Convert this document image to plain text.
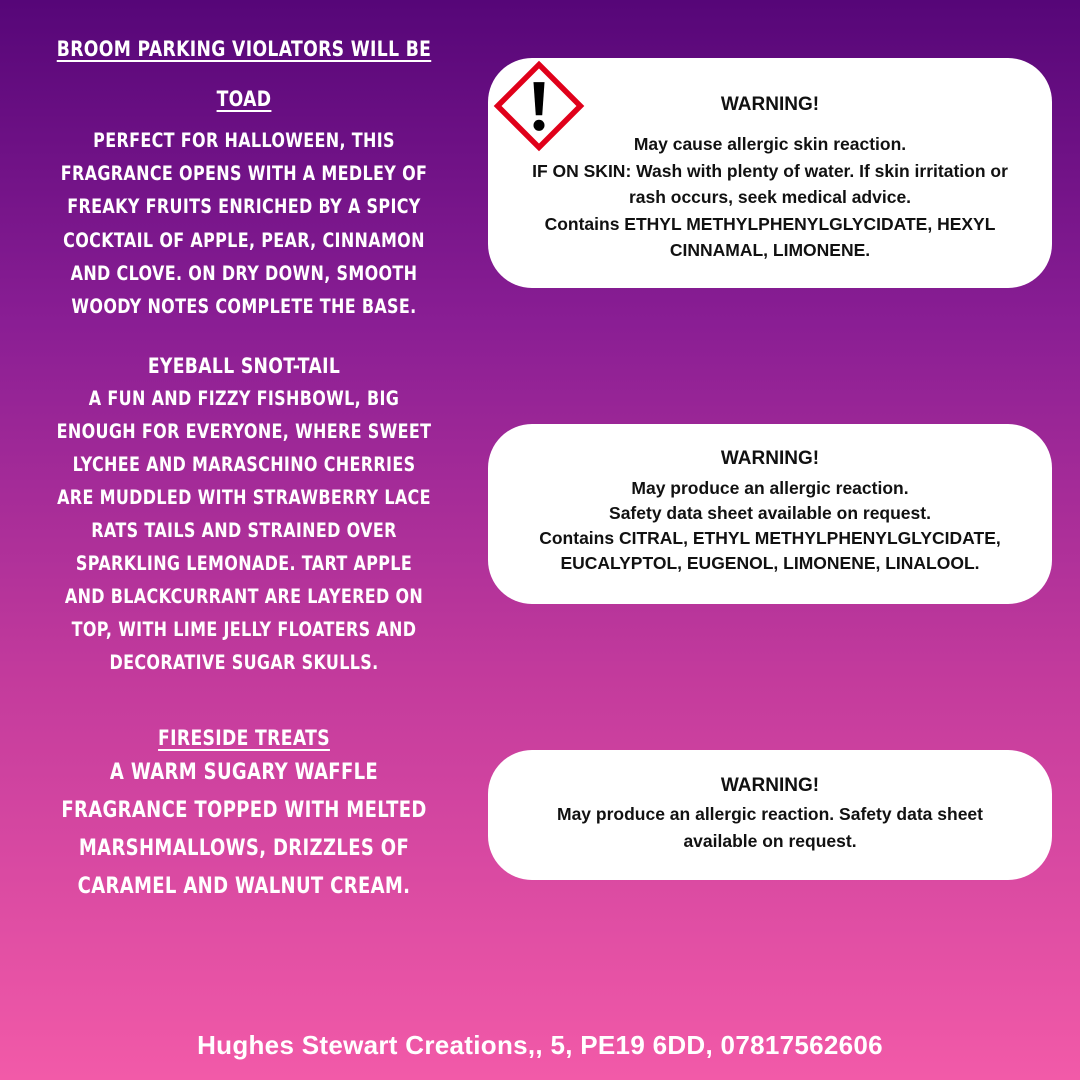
BROOM PARKING VIOLATORS WILL BE TOAD

PERFECT FOR HALLOWEEN, THIS FRAGRANCE OPENS WITH A MEDLEY OF FREAKY FRUITS ENRICHED BY A SPICY COCKTAIL OF APPLE, PEAR, CINNAMON AND CLOVE. ON DRY DOWN, SMOOTH WOODY NOTES COMPLETE THE BASE.

EYEBALL SNOT-TAIL

A FUN AND FIZZY FISHBOWL, BIG ENOUGH FOR EVERYONE, WHERE SWEET LYCHEE AND MARASCHINO CHERRIES ARE MUDDLED WITH STRAWBERRY LACE RATS TAILS AND STRAINED OVER SPARKLING LEMONADE. TART APPLE AND BLACKCURRANT ARE LAYERED ON TOP, WITH LIME JELLY FLOATERS AND DECORATIVE SUGAR SKULLS.

FIRESIDE TREATS

A WARM SUGARY WAFFLE FRAGRANCE TOPPED WITH MELTED MARSHMALLOWS, DRIZZLES OF CARAMEL AND WALNUT CREAM.

WARNING!
May cause allergic skin reaction.
IF ON SKIN: Wash with plenty of water. If skin irritation or rash occurs, seek medical advice.
Contains ETHYL METHYLPHENYLGLYCIDATE, HEXYL CINNAMAL, LIMONENE.
WARNING!
May produce an allergic reaction.
Safety data sheet available on request.
Contains CITRAL, ETHYL METHYLPHENYLGLYCIDATE, EUCALYPTOL, EUGENOL, LIMONENE, LINALOOL.
WARNING!
May produce an allergic reaction. Safety data sheet available on request.
Hughes Stewart Creations,, 5, PE19 6DD, 07817562606
